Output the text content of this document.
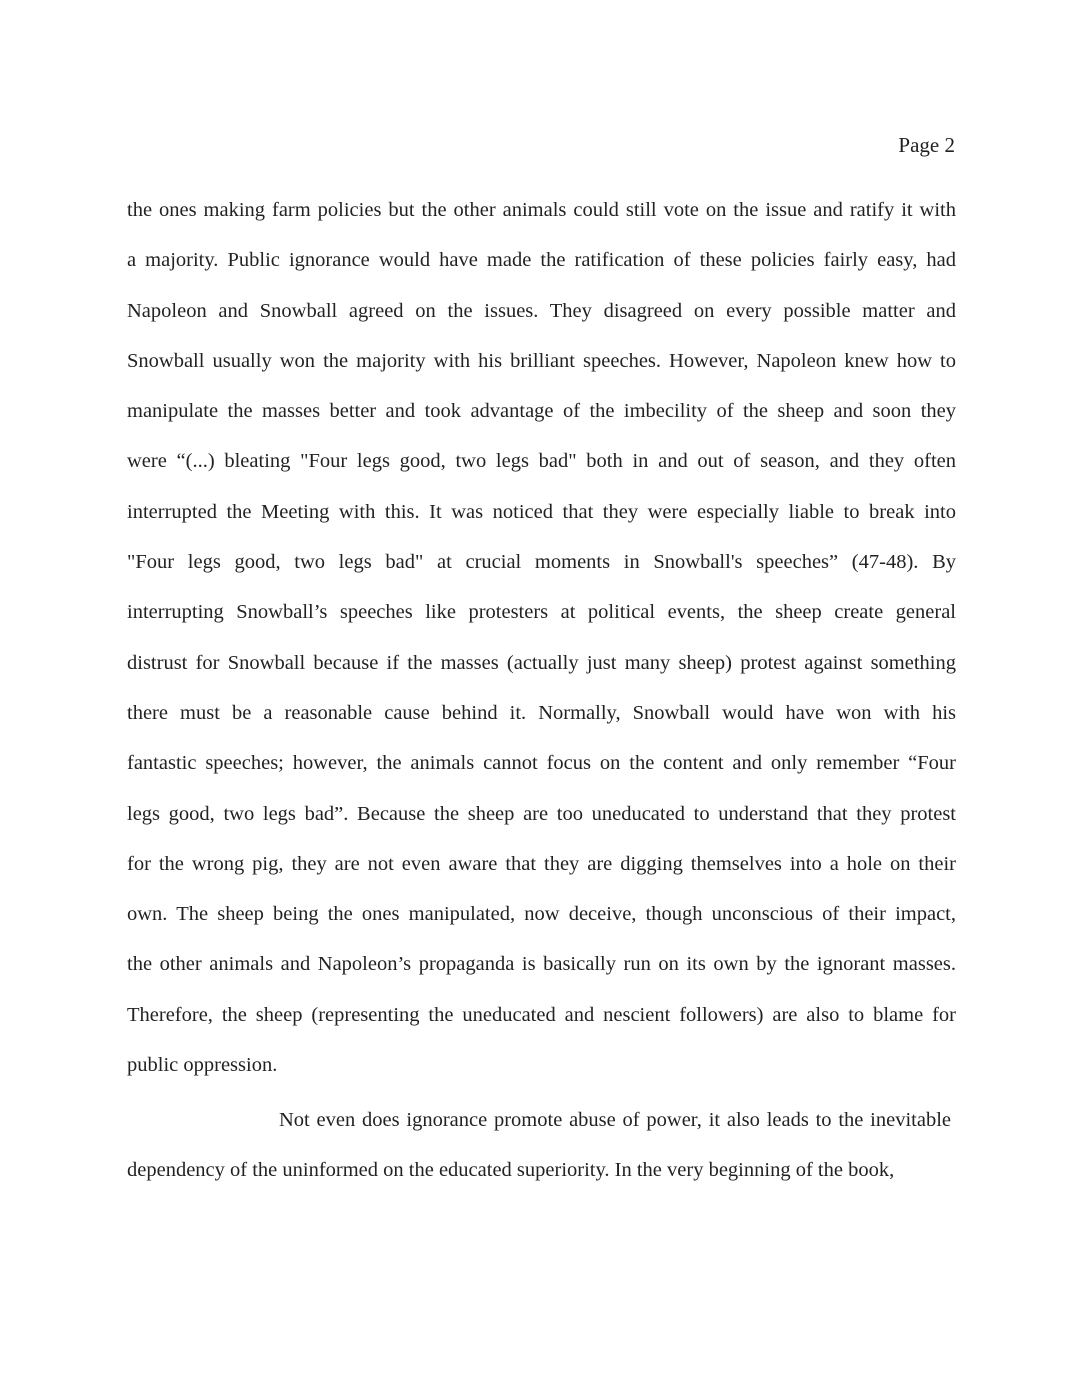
Page 2
the ones making farm policies but the other animals could still vote on the issue and ratify it with
a majority. Public ignorance would have made the ratification of these policies fairly easy, had
Napoleon and Snowball agreed on the issues. They disagreed on every possible matter and
Snowball usually won the majority with his brilliant speeches. However, Napoleon knew how to
manipulate the masses better and took advantage of the imbecility of the sheep and soon they
were “(...) bleating "Four legs good, two legs bad" both in and out of season, and they often
interrupted the Meeting with this. It was noticed that they were especially liable to break into
"Four legs good, two legs bad" at crucial moments in Snowball's speeches” (47-48). By
interrupting Snowball’s speeches like protesters at political events, the sheep create general
distrust for Snowball because if the masses (actually just many sheep) protest against something
there must be a reasonable cause behind it. Normally, Snowball would have won with his
fantastic speeches; however, the animals cannot focus on the content and only remember “Four
legs good, two legs bad”. Because the sheep are too uneducated to understand that they protest
for the wrong pig, they are not even aware that they are digging themselves into a hole on their
own. The sheep being the ones manipulated, now deceive, though unconscious of their impact,
the other animals and Napoleon’s propaganda is basically run on its own by the ignorant masses.
Therefore, the sheep (representing the uneducated and nescient followers) are also to blame for
public oppression.
Not even does ignorance promote abuse of power, it also leads to the inevitable
dependency of the uninformed on the educated superiority. In the very beginning of the book,
